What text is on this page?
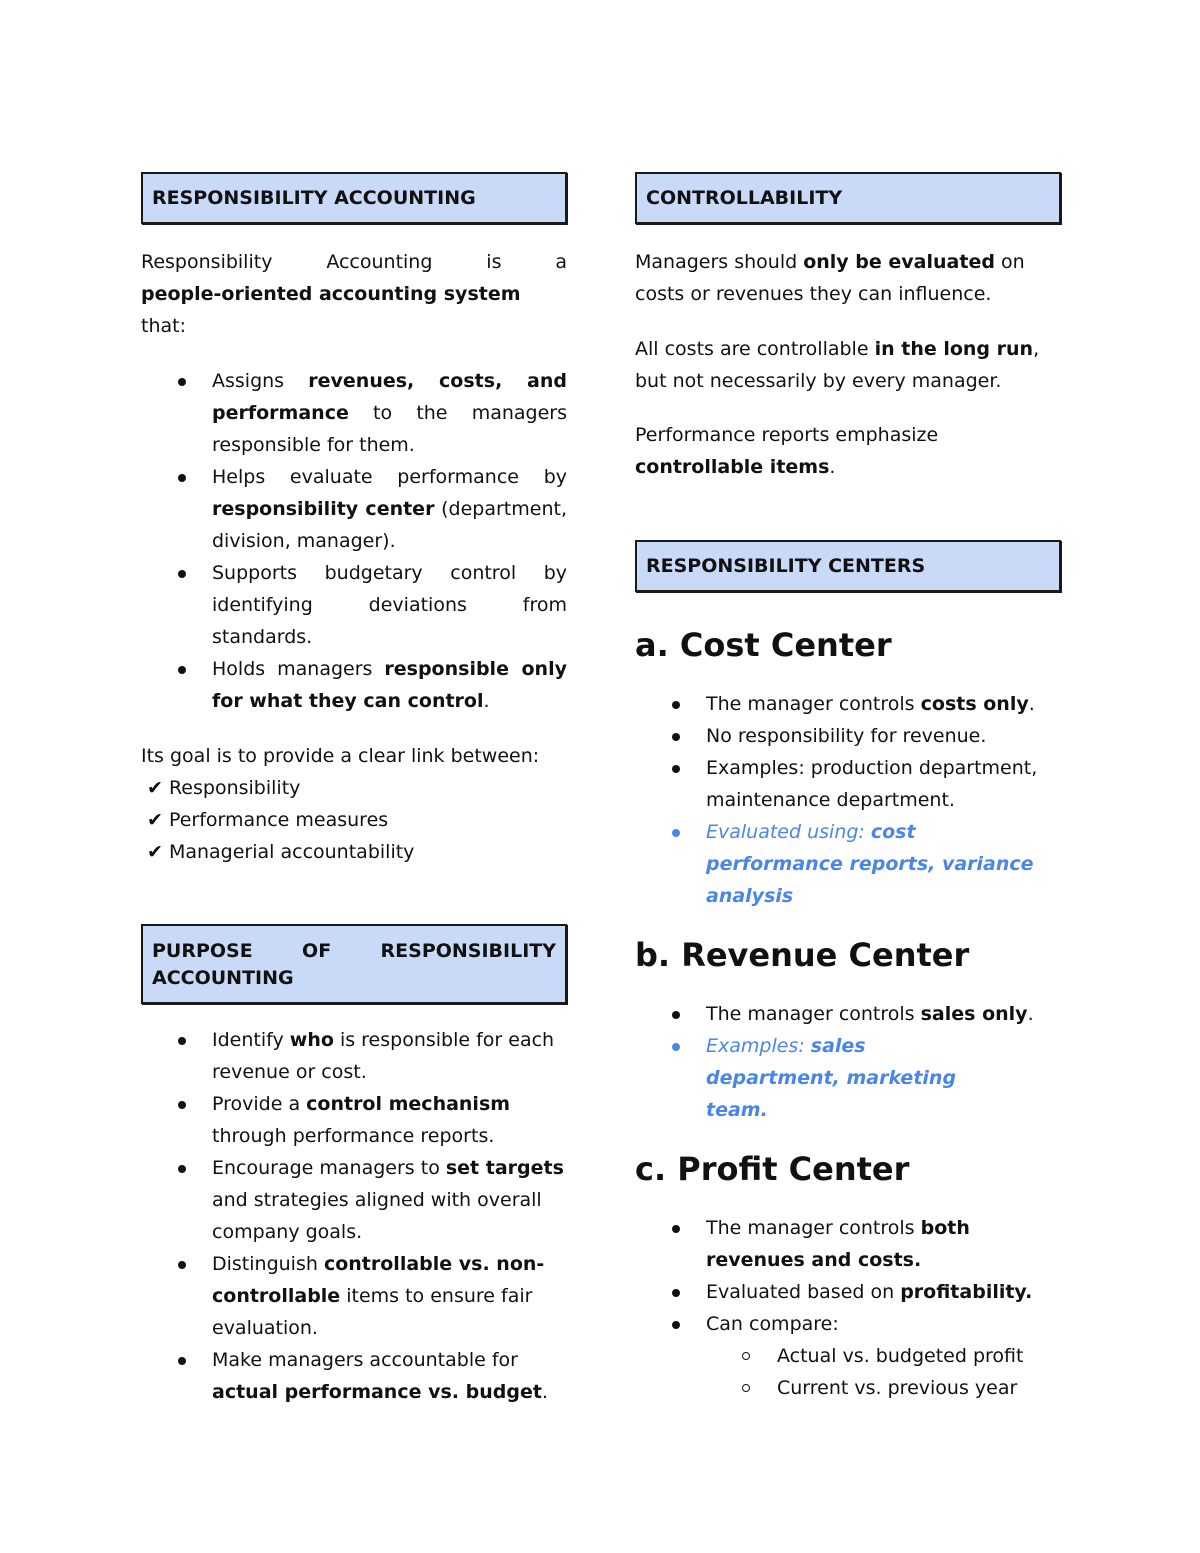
RESPONSIBILITY ACCOUNTING

Responsibility Accounting is a

people-oriented accounting system that:

Assigns revenues, costs, and performance to the managers responsible for them.
Helps evaluate performance by responsibility center (department, division, manager).
Supports budgetary control by identifying deviations from standards.
Holds managers responsible only for what they can control.

Its goal is to provide a clear link between:

✔ Responsibility
✔ Performance measures
✔ Managerial accountability
PURPOSE OF RESPONSIBILITY ACCOUNTING
Identify who is responsible for each revenue or cost.
Provide a control mechanism through performance reports.
Encourage managers to set targets and strategies aligned with overall company goals.
Distinguish controllable vs. non-controllable items to ensure fair evaluation.
Make managers accountable for actual performance vs. budget.
CONTROLLABILITY

Managers should only be evaluated on costs or revenues they can influence.

All costs are controllable in the long run, but not necessarily by every manager.

Performance reports emphasize controllable items.

RESPONSIBILITY CENTERS
a. Cost Center
The manager controls costs only.
No responsibility for revenue.
Examples: production department, maintenance department.
Evaluated using: cost performance reports, variance analysis
b. Revenue Center
The manager controls sales only.
Examples: sales department, marketing team.
c. Profit Center
The manager controls both revenues and costs.
Evaluated based on profitability.
Can compare:
Actual vs. budgeted profit
Current vs. previous year
